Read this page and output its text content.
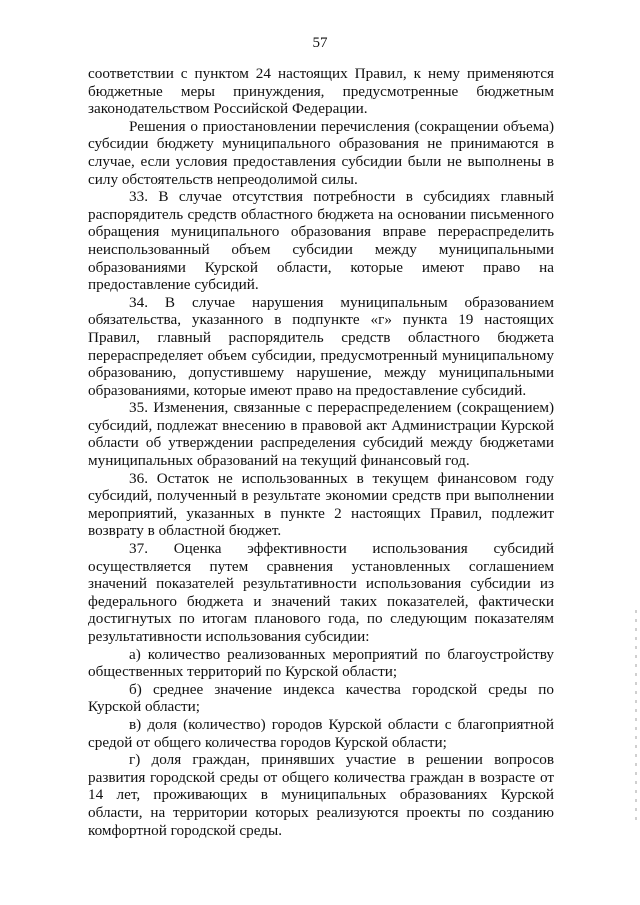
57

соответствии с пунктом 24 настоящих Правил, к нему применяются бюджетные меры принуждения, предусмотренные бюджетным законодательством Российской Федерации.

Решения о приостановлении перечисления (сокращении объема) субсидии бюджету муниципального образования не принимаются в случае, если условия предоставления субсидии были не выполнены в силу обстоятельств непреодолимой силы.

33. В случае отсутствия потребности в субсидиях главный распорядитель средств областного бюджета на основании письменного обращения муниципального образования вправе перераспределить неиспользованный объем субсидии между муниципальными образованиями Курской области, которые имеют право на предоставление субсидий.

34. В случае нарушения муниципальным образованием обязательства, указанного в подпункте «г» пункта 19 настоящих Правил, главный распорядитель средств областного бюджета перераспределяет объем субсидии, предусмотренный муниципальному образованию, допустившему нарушение, между муниципальными образованиями, которые имеют право на предоставление субсидий.

35. Изменения, связанные с перераспределением (сокращением) субсидий, подлежат внесению в правовой акт Администрации Курской области об утверждении распределения субсидий между бюджетами муниципальных образований на текущий финансовый год.

36. Остаток не использованных в текущем финансовом году субсидий, полученный в результате экономии средств при выполнении мероприятий, указанных в пункте 2 настоящих Правил, подлежит возврату в областной бюджет.

37. Оценка эффективности использования субсидий осуществляется путем сравнения установленных соглашением значений показателей результативности использования субсидии из федерального бюджета и значений таких показателей, фактически достигнутых по итогам планового года, по следующим показателям результативности использования субсидии:

а) количество реализованных мероприятий по благоустройству общественных территорий по Курской области;

б) среднее значение индекса качества городской среды по Курской области;

в) доля (количество) городов Курской области с благоприятной средой от общего количества городов Курской области;

г) доля граждан, принявших участие в решении вопросов развития городской среды от общего количества граждан в возрасте от 14 лет, проживающих в муниципальных образованиях Курской области, на территории которых реализуются проекты по созданию комфортной городской среды.
